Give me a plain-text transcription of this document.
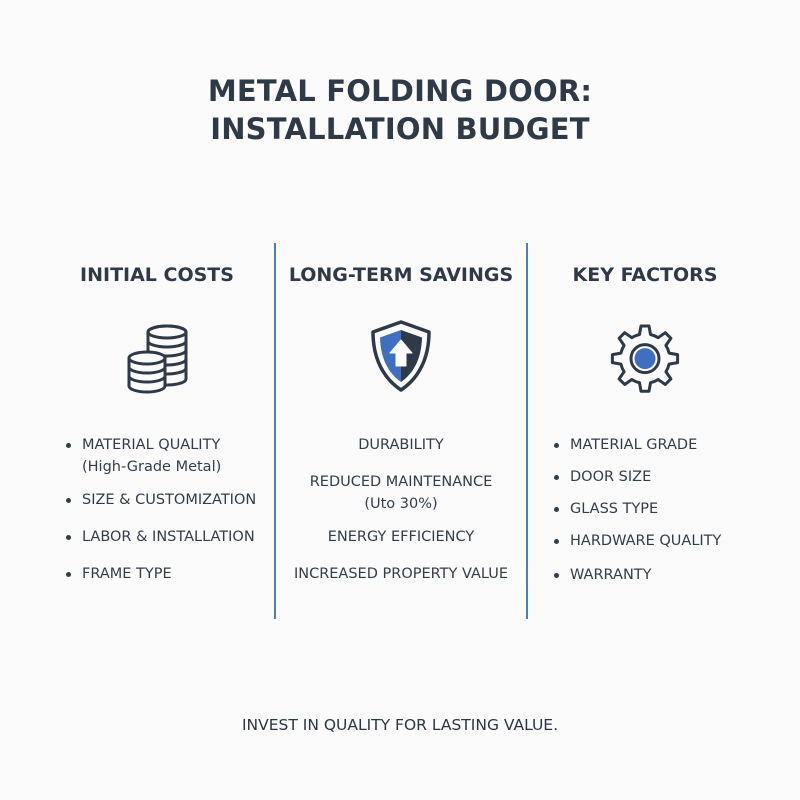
METAL FOLDING DOOR:
INSTALLATION BUDGET
INITIAL COSTS
MATERIAL QUALITY
(High-Grade Metal)
SIZE & CUSTOMIZATION
LABOR & INSTALLATION
FRAME TYPE
LONG-TERM SAVINGS
DURABILITY
REDUCED MAINTENANCE
(Uto 30%)
ENERGY EFFICIENCY
INCREASED PROPERTY VALUE
KEY FACTORS
MATERIAL GRADE
DOOR SIZE
GLASS TYPE
HARDWARE QUALITY
WARRANTY
INVEST IN QUALITY FOR LASTING VALUE.
